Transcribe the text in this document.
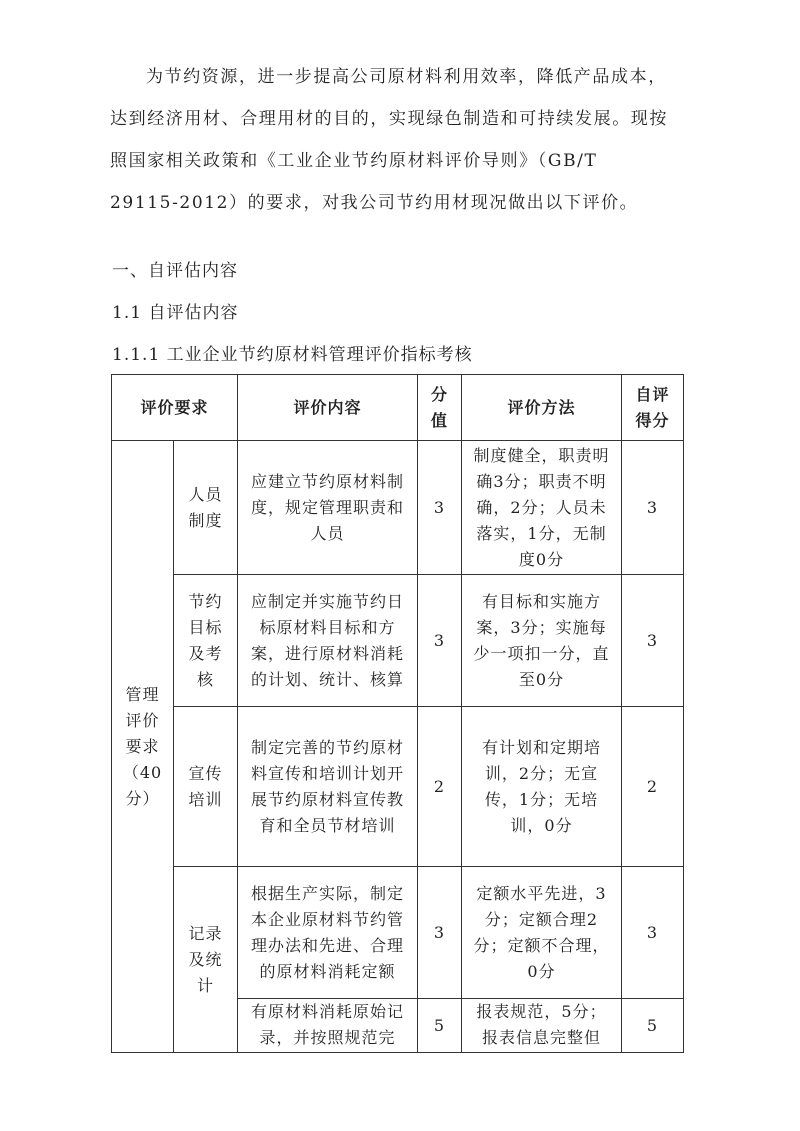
为节约资源，进一步提高公司原材料利用效率，降低产品成本，
达到经济用材、合理用材的目的，实现绿色制造和可持续发展。现按
照国家相关政策和《工业企业节约原材料评价导则》（GB/T
29115-2012）的要求，对我公司节约用材现况做出以下评价。
一、自评估内容
1.1 自评估内容
1.1.1 工业企业节约原材料管理评价指标考核
评价要求		评价内容	分值	评价方法	自评得分
管理评价要求（40分）	人员制度	应建立节约原材料制度，规定管理职责和人员	3	制度健全，职责明确3分；职责不明确，2分；人员未落实，1分，无制度0分	3
	节约目标及考核	应制定并实施节约日标原材料目标和方案，进行原材料消耗的计划、统计、核算	3	有目标和实施方案，3分；实施每少一项扣一分，直至0分	3
	宣传培训	制定完善的节约原材料宣传和培训计划开展节约原材料宣传教育和全员节材培训	2	有计划和定期培训，2分；无宣传，1分；无培训，0分	2
	记录及统计	根据生产实际，制定本企业原材料节约管理办法和先进、合理的原材料消耗定额	3	定额水平先进，3分；定额合理2分；定额不合理，0分	3
		有原材料消耗原始记录，并按照规范完	5	报表规范，5分；报表信息完整但	5
